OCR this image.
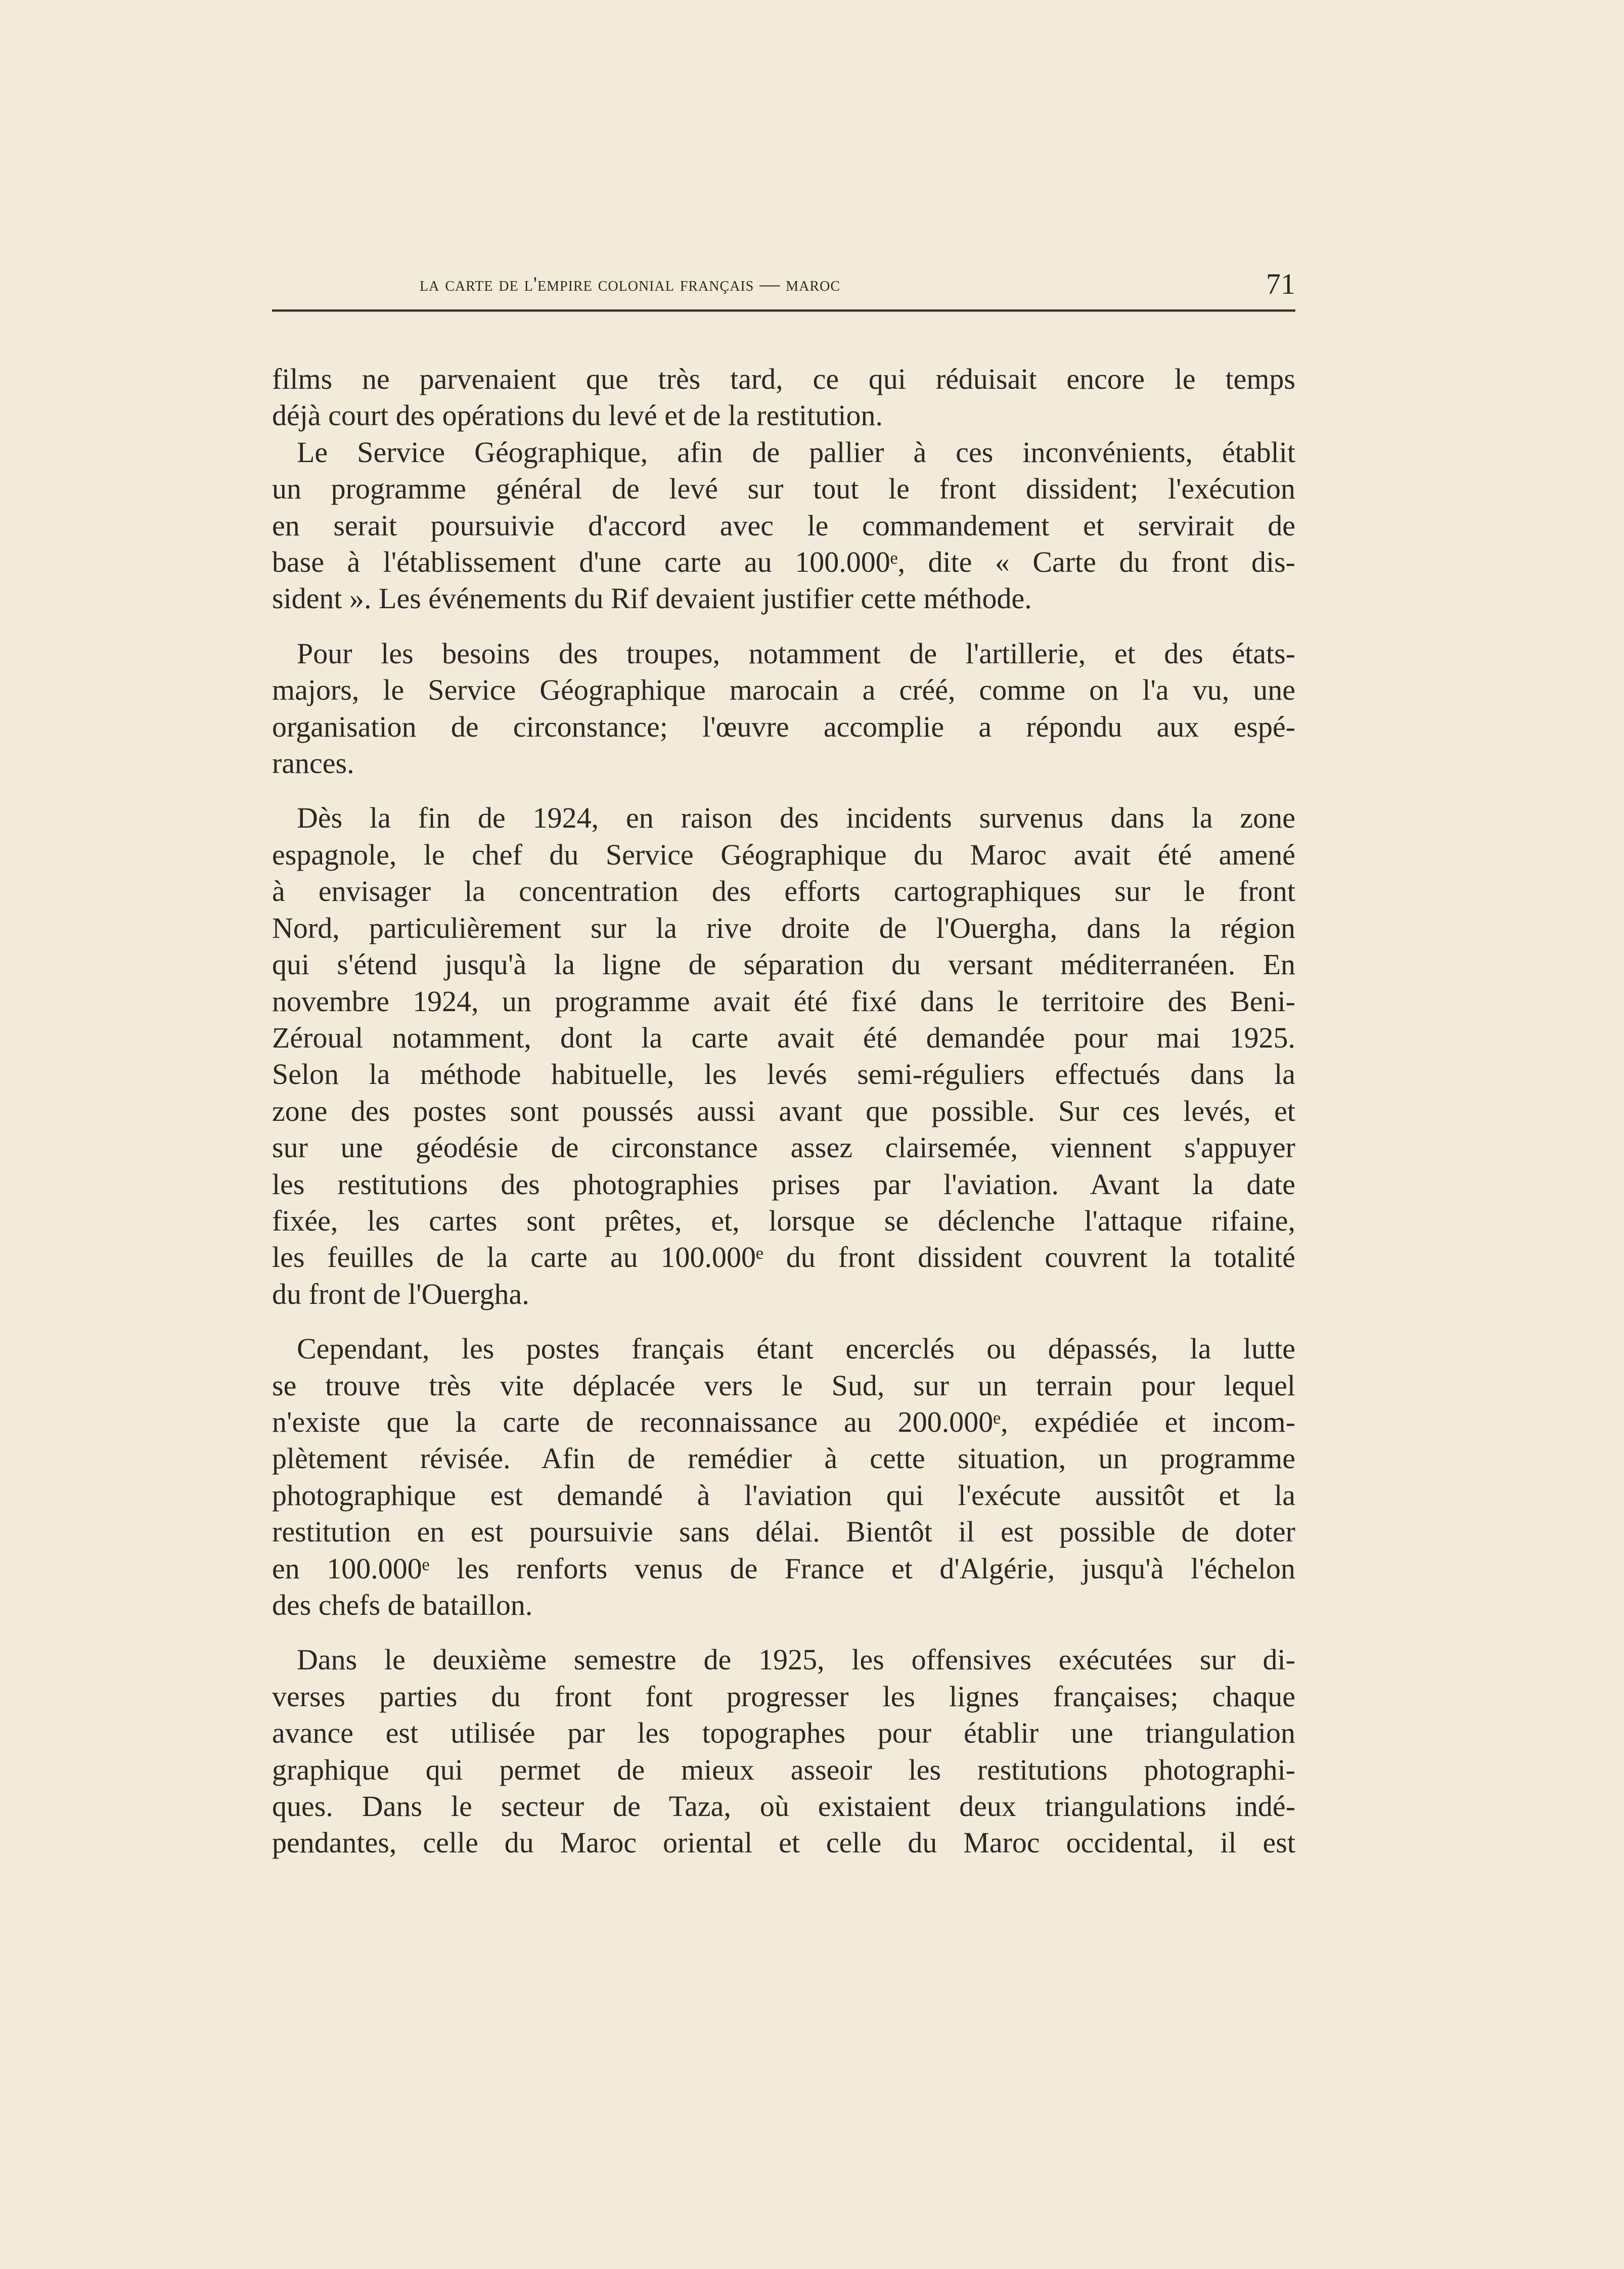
la carte de l'empire colonial français — maroc	71

films ne parvenaient que très tard, ce qui réduisait encore le temps
déjà court des opérations du levé et de la restitution.

Le Service Géographique, afin de pallier à ces inconvénients, établit
un programme général de levé sur tout le front dissident; l'exécution
en serait poursuivie d'accord avec le commandement et servirait de
base à l'établissement d'une carte au 100.000ᵉ, dite « Carte du front dis-
sident ». Les événements du Rif devaient justifier cette méthode.

Pour les besoins des troupes, notamment de l'artillerie, et des états-
majors, le Service Géographique marocain a créé, comme on l'a vu, une
organisation de circonstance; l'œuvre accomplie a répondu aux espé-
rances.

Dès la fin de 1924, en raison des incidents survenus dans la zone
espagnole, le chef du Service Géographique du Maroc avait été amené
à envisager la concentration des efforts cartographiques sur le front
Nord, particulièrement sur la rive droite de l'Ouergha, dans la région
qui s'étend jusqu'à la ligne de séparation du versant méditerranéen. En
novembre 1924, un programme avait été fixé dans le territoire des Beni-
Zéroual notamment, dont la carte avait été demandée pour mai 1925.
Selon la méthode habituelle, les levés semi-réguliers effectués dans la
zone des postes sont poussés aussi avant que possible. Sur ces levés, et
sur une géodésie de circonstance assez clairsemée, viennent s'appuyer
les restitutions des photographies prises par l'aviation. Avant la date
fixée, les cartes sont prêtes, et, lorsque se déclenche l'attaque rifaine,
les feuilles de la carte au 100.000ᵉ du front dissident couvrent la totalité
du front de l'Ouergha.

Cependant, les postes français étant encerclés ou dépassés, la lutte
se trouve très vite déplacée vers le Sud, sur un terrain pour lequel
n'existe que la carte de reconnaissance au 200.000ᵉ, expédiée et incom-
plètement révisée. Afin de remédier à cette situation, un programme
photographique est demandé à l'aviation qui l'exécute aussitôt et la
restitution en est poursuivie sans délai. Bientôt il est possible de doter
en 100.000ᵉ les renforts venus de France et d'Algérie, jusqu'à l'échelon
des chefs de bataillon.

Dans le deuxième semestre de 1925, les offensives exécutées sur di-
verses parties du front font progresser les lignes françaises; chaque
avance est utilisée par les topographes pour établir une triangulation
graphique qui permet de mieux asseoir les restitutions photographi-
ques. Dans le secteur de Taza, où existaient deux triangulations indé-
pendantes, celle du Maroc oriental et celle du Maroc occidental, il est
